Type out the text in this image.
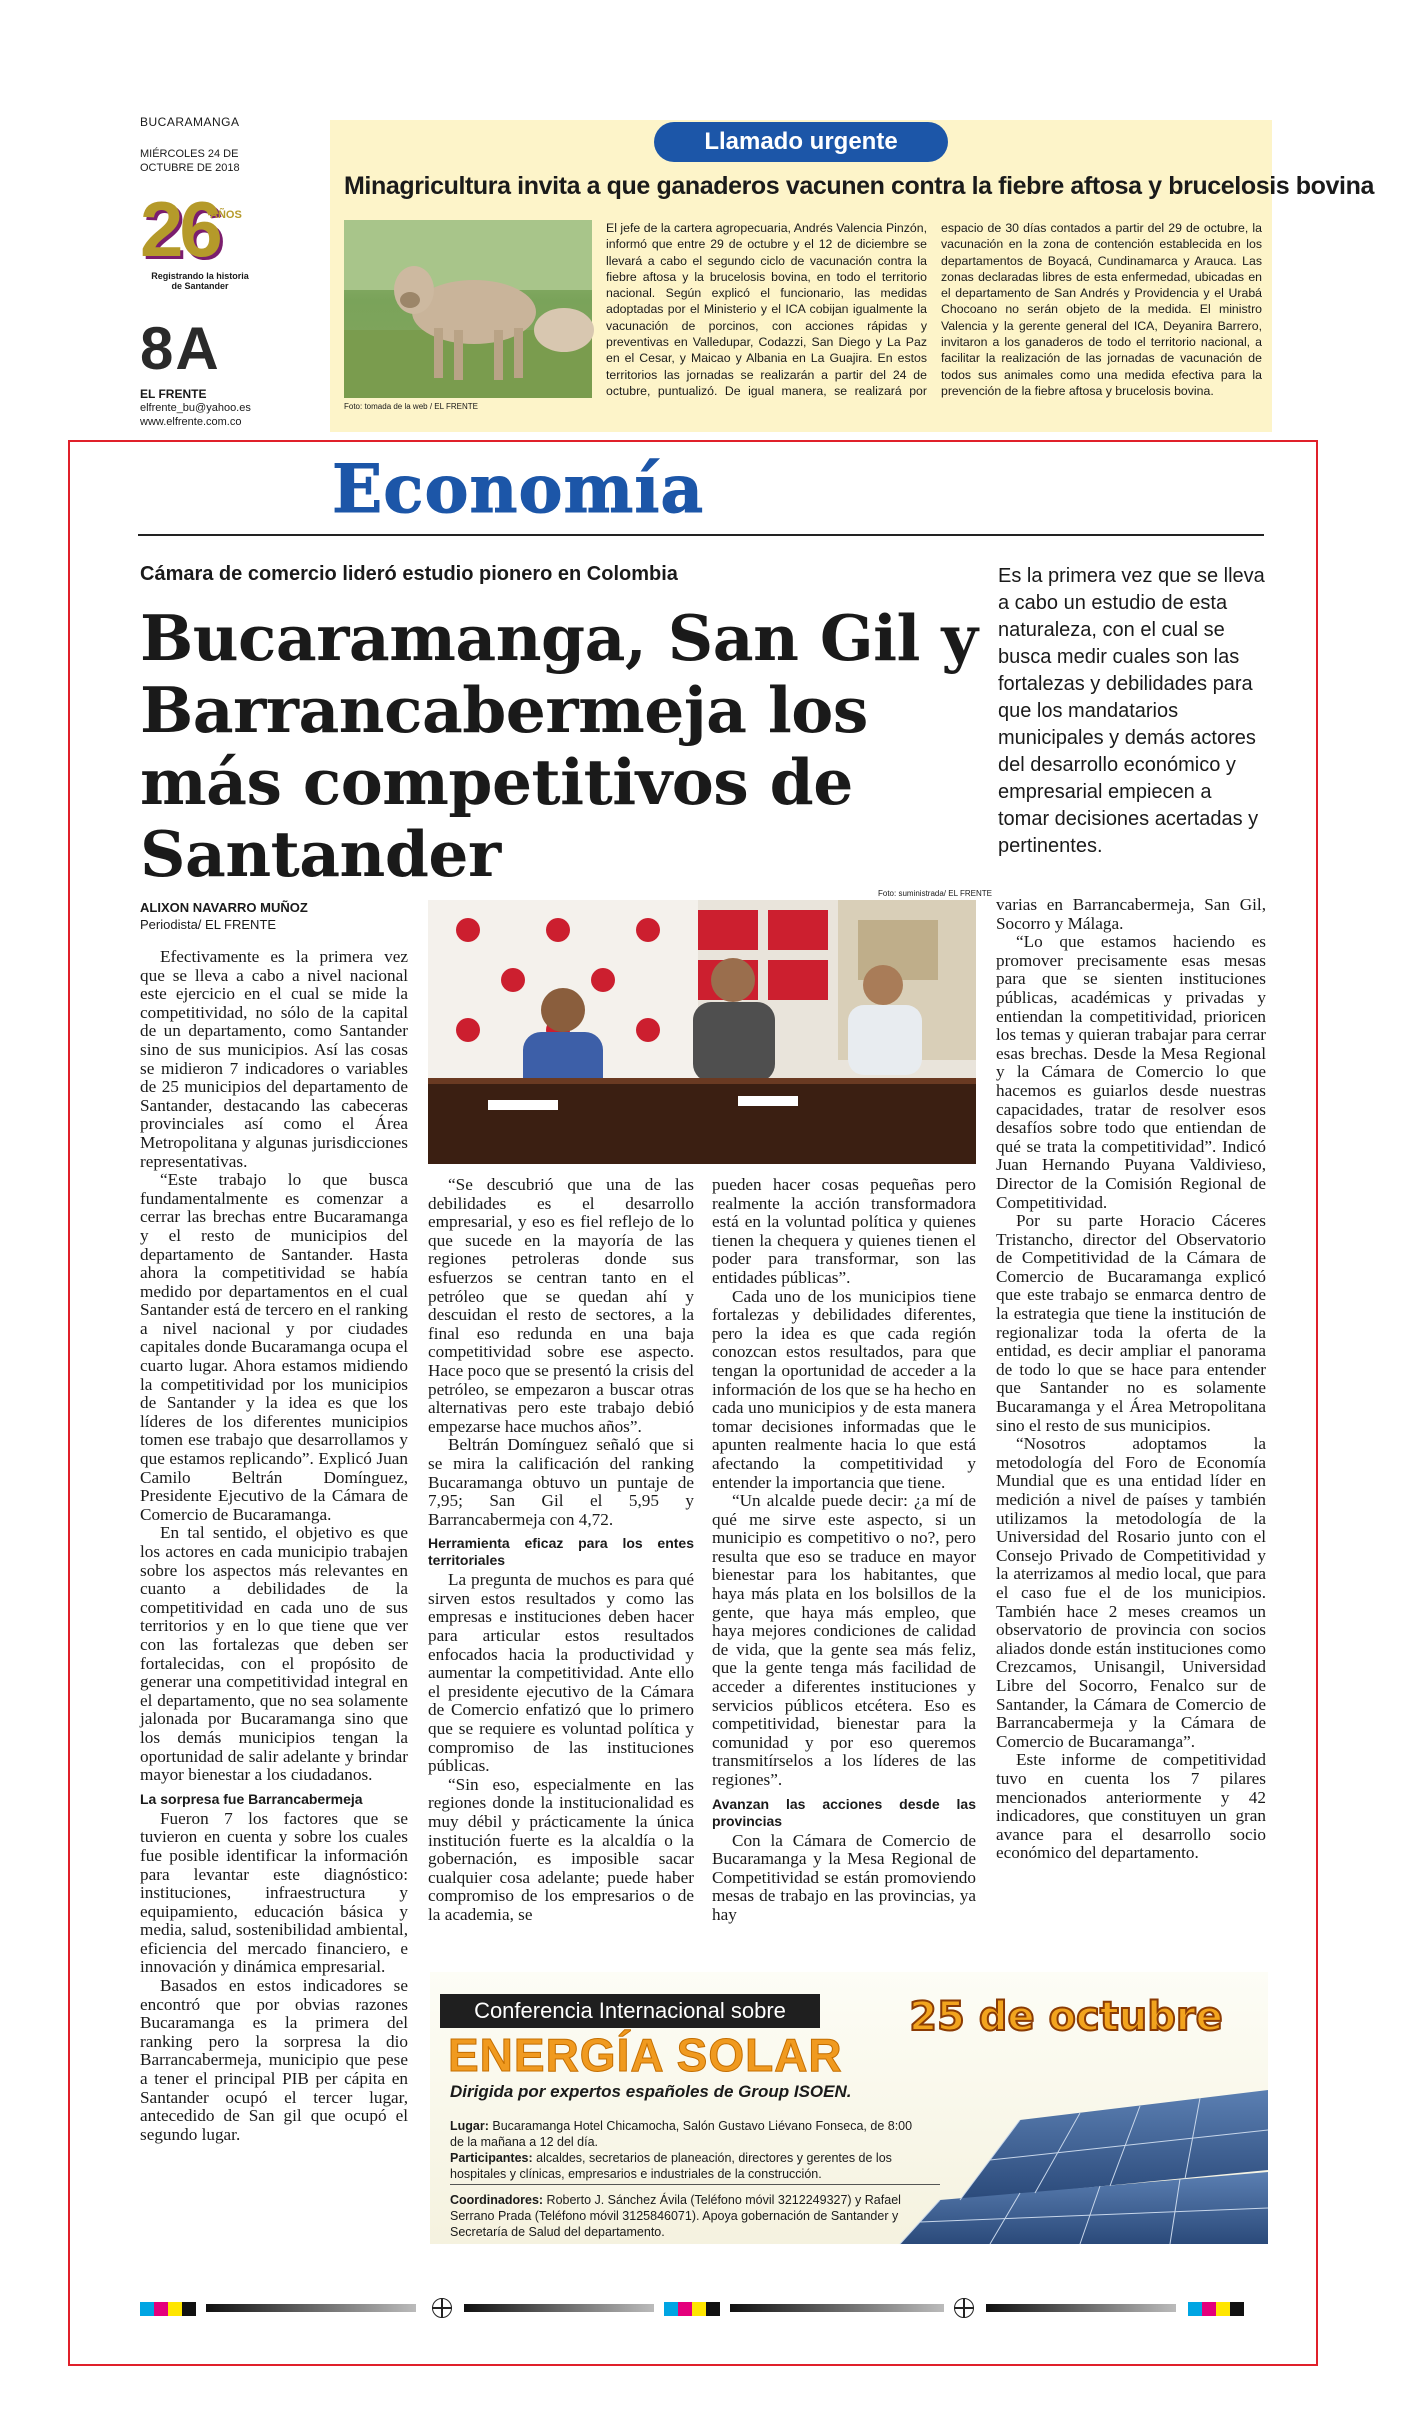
BUCARAMANGA
MIÉRCOLES 24 DE OCTUBRE DE 2018
26
AÑOS
Registrando la historia de Santander
8A
EL FRENTE
elfrente_bu@yahoo.es
www.elfrente.com.co
Llamado urgente
Minagricultura invita a que ganaderos vacunen contra la fiebre aftosa y brucelosis bovina
Foto: tomada de la web / EL FRENTE
El jefe de la cartera agropecuaria, Andrés Valencia Pinzón, informó que entre 29 de octubre y el 12 de diciembre se llevará a cabo el segundo ciclo de vacunación contra la fiebre aftosa y la brucelosis bovina, en todo el territorio nacional. Según explicó el funcionario, las medidas adoptadas por el Ministerio y el ICA cobijan igualmente la vacunación de porcinos, con acciones rápidas y preventivas en Valledupar, Codazzi, San Diego y La Paz en el Cesar, y Maicao y Albania en La Guajira. En estos territorios las jornadas se realizarán a partir del 24 de octubre, puntualizó. De igual manera, se realizará por espacio de 30 días contados a partir del 29 de octubre, la vacunación en la zona de contención establecida en los departamentos de Boyacá, Cundinamarca y Arauca. Las zonas declaradas libres de esta enfermedad, ubicadas en el departamento de San Andrés y Providencia y el Urabá Chocoano no serán objeto de la medida. El ministro Valencia y la gerente general del ICA, Deyanira Barrero, invitaron a los ganaderos de todo el territorio nacional, a facilitar la realización de las jornadas de vacunación de todos sus animales como una medida efectiva para la prevención de la fiebre aftosa y brucelosis bovina.
Economía
Cámara de comercio lideró estudio pionero en Colombia
Bucaramanga, San Gil y Barrancabermeja los más competitivos de Santander
Es la primera vez que se lleva a cabo un estudio de esta naturaleza, con el cual se busca medir cuales son las fortalezas y debilidades para que los mandatarios municipales y demás actores del desarrollo económico y empresarial empiecen a tomar decisiones acertadas y pertinentes.
ALIXON NAVARRO MUÑOZ
Periodista/ EL FRENTE
Foto: suministrada/ EL FRENTE

Efectivamente es la primera vez que se lleva a cabo a nivel nacional este ejercicio en el cual se mide la competitividad, no sólo de la capital de un departamento, como Santander sino de sus municipios. Así las cosas se midieron 7 indicadores o variables de 25 municipios del departamento de Santander, destacando las cabeceras provinciales así como el Área Metropolitana y algunas jurisdicciones representativas.

“Este trabajo lo que busca fundamentalmente es comenzar a cerrar las brechas entre Bucaramanga y el resto de municipios del departamento de Santander. Hasta ahora la competitividad se había medido por departamentos en el cual Santander está de tercero en el ranking a nivel nacional y por ciudades capitales donde Bucaramanga ocupa el cuarto lugar. Ahora estamos midiendo la competitividad por los municipios de Santander y la idea es que los líderes de los diferentes municipios tomen ese trabajo que desarrollamos y que estamos replicando”. Explicó Juan Camilo Beltrán Domínguez, Presidente Ejecutivo de la Cámara de Comercio de Bucaramanga.

En tal sentido, el objetivo es que los actores en cada municipio trabajen sobre los aspectos más relevantes en cuanto a debilidades de la competitividad en cada uno de sus territorios y en lo que tiene que ver con las fortalezas que deben ser fortalecidas, con el propósito de generar una competitividad integral en el departamento, que no sea solamente jalonada por Bucaramanga sino que los demás municipios tengan la oportunidad de salir adelante y brindar mayor bienestar a los ciudadanos.

La sorpresa fue Barrancabermeja

Fueron 7 los factores que se tuvieron en cuenta y sobre los cuales fue posible identificar la información para levantar este diagnóstico: instituciones, infraestructura y equipamiento, educación básica y media, salud, sostenibilidad ambiental, eficiencia del mercado financiero, e innovación y dinámica empresarial.

Basados en estos indicadores se encontró que por obvias razones Bucaramanga es la primera del ranking pero la sorpresa la dio Barrancabermeja, municipio que pese a tener el principal PIB per cápita en Santander ocupó el tercer lugar, antecedido de San gil que ocupó el segundo lugar.

“Se descubrió que una de las debilidades es el desarrollo empresarial, y eso es fiel reflejo de lo que sucede en la mayoría de las regiones petroleras donde sus esfuerzos se centran tanto en el petróleo que se quedan ahí y descuidan el resto de sectores, a la final eso redunda en una baja competitividad sobre ese aspecto. Hace poco que se presentó la crisis del petróleo, se empezaron a buscar otras alternativas pero este trabajo debió empezarse hace muchos años”.

Beltrán Domínguez señaló que si se mira la calificación del ranking Bucaramanga obtuvo un puntaje de 7,95; San Gil el 5,95 y Barrancabermeja con 4,72.

Herramienta eficaz para los entes territoriales

La pregunta de muchos es para qué sirven estos resultados y como las empresas e instituciones deben hacer para articular estos resultados enfocados hacia la productividad y aumentar la competitividad. Ante ello el presidente ejecutivo de la Cámara de Comercio enfatizó que lo primero que se requiere es voluntad política y compromiso de las instituciones públicas.

“Sin eso, especialmente en las regiones donde la institucionalidad es muy débil y prácticamente la única institución fuerte es la alcaldía o la gobernación, es imposible sacar cualquier cosa adelante; puede haber compromiso de los empresarios o de la academia, se

pueden hacer cosas pequeñas pero realmente la acción transformadora está en la voluntad política y quienes tienen la chequera y quienes tienen el poder para transformar, son las entidades públicas”.

Cada uno de los municipios tiene fortalezas y debilidades diferentes, pero la idea es que cada región conozcan estos resultados, para que tengan la oportunidad de acceder a la información de los que se ha hecho en cada uno municipios y de esta manera tomar decisiones informadas que le apunten realmente hacia lo que está afectando la competitividad y entender la importancia que tiene.

“Un alcalde puede decir: ¿a mí de qué me sirve este aspecto, si un municipio es competitivo o no?, pero resulta que eso se traduce en mayor bienestar para los habitantes, que haya más plata en los bolsillos de la gente, que haya más empleo, que haya mejores condiciones de calidad de vida, que la gente sea más feliz, que la gente tenga más facilidad de acceder a diferentes instituciones y servicios públicos etcétera. Eso es competitividad, bienestar para la comunidad y por eso queremos transmitírselos a los líderes de las regiones”.

Avanzan las acciones desde las provincias

Con la Cámara de Comercio de Bucaramanga y la Mesa Regional de Competitividad se están promoviendo mesas de trabajo en las provincias, ya hay

varias en Barrancabermeja, San Gil, Socorro y Málaga.

“Lo que estamos haciendo es promover precisamente esas mesas para que se sienten instituciones públicas, académicas y privadas y entiendan la competitividad, prioricen los temas y quieran trabajar para cerrar esas brechas. Desde la Mesa Regional y la Cámara de Comercio lo que hacemos es guiarlos desde nuestras capacidades, tratar de resolver esos desafíos sobre todo que entiendan de qué se trata la competitividad”. Indicó Juan Hernando Puyana Valdivieso, Director de la Comisión Regional de Competitividad.

Por su parte Horacio Cáceres Tristancho, director del Observatorio de Competitividad de la Cámara de Comercio de Bucaramanga explicó que este trabajo se enmarca dentro de la estrategia que tiene la institución de regionalizar toda la oferta de la entidad, es decir ampliar el panorama de todo lo que se hace para entender que Santander no es solamente Bucaramanga y el Área Metropolitana sino el resto de sus municipios.

“Nosotros adoptamos la metodología del Foro de Economía Mundial que es una entidad líder en medición a nivel de países y también utilizamos la metodología de la Universidad del Rosario junto con el Consejo Privado de Competitividad y la aterrizamos al medio local, que para el caso fue el de los municipios. También hace 2 meses creamos un observatorio de provincia con socios aliados donde están instituciones como Crezcamos, Unisangil, Universidad Libre del Socorro, Fenalco sur de Santander, la Cámara de Comercio de Barrancabermeja y la Cámara de Comercio de Bucaramanga”.

Este informe de competitividad tuvo en cuenta los 7 pilares mencionados anteriormente y 42 indicadores, que constituyen un gran avance para el desarrollo socio económico del departamento.

Conferencia Internacional sobre
ENERGÍA SOLAR
25 de octubre
Dirigida por expertos españoles de Group ISOEN.
Lugar: Bucaramanga Hotel Chicamocha, Salón Gustavo Liévano Fonseca, de 8:00 de la mañana a 12 del día.
Participantes: alcaldes, secretarios de planeación, directores y gerentes de los hospitales y clínicas, empresarios e industriales de la construcción.
Coordinadores: Roberto J. Sánchez Ávila (Teléfono móvil 3212249327) y Rafael Serrano Prada (Teléfono móvil 3125846071). Apoya gobernación de Santander y Secretaría de Salud del departamento.
